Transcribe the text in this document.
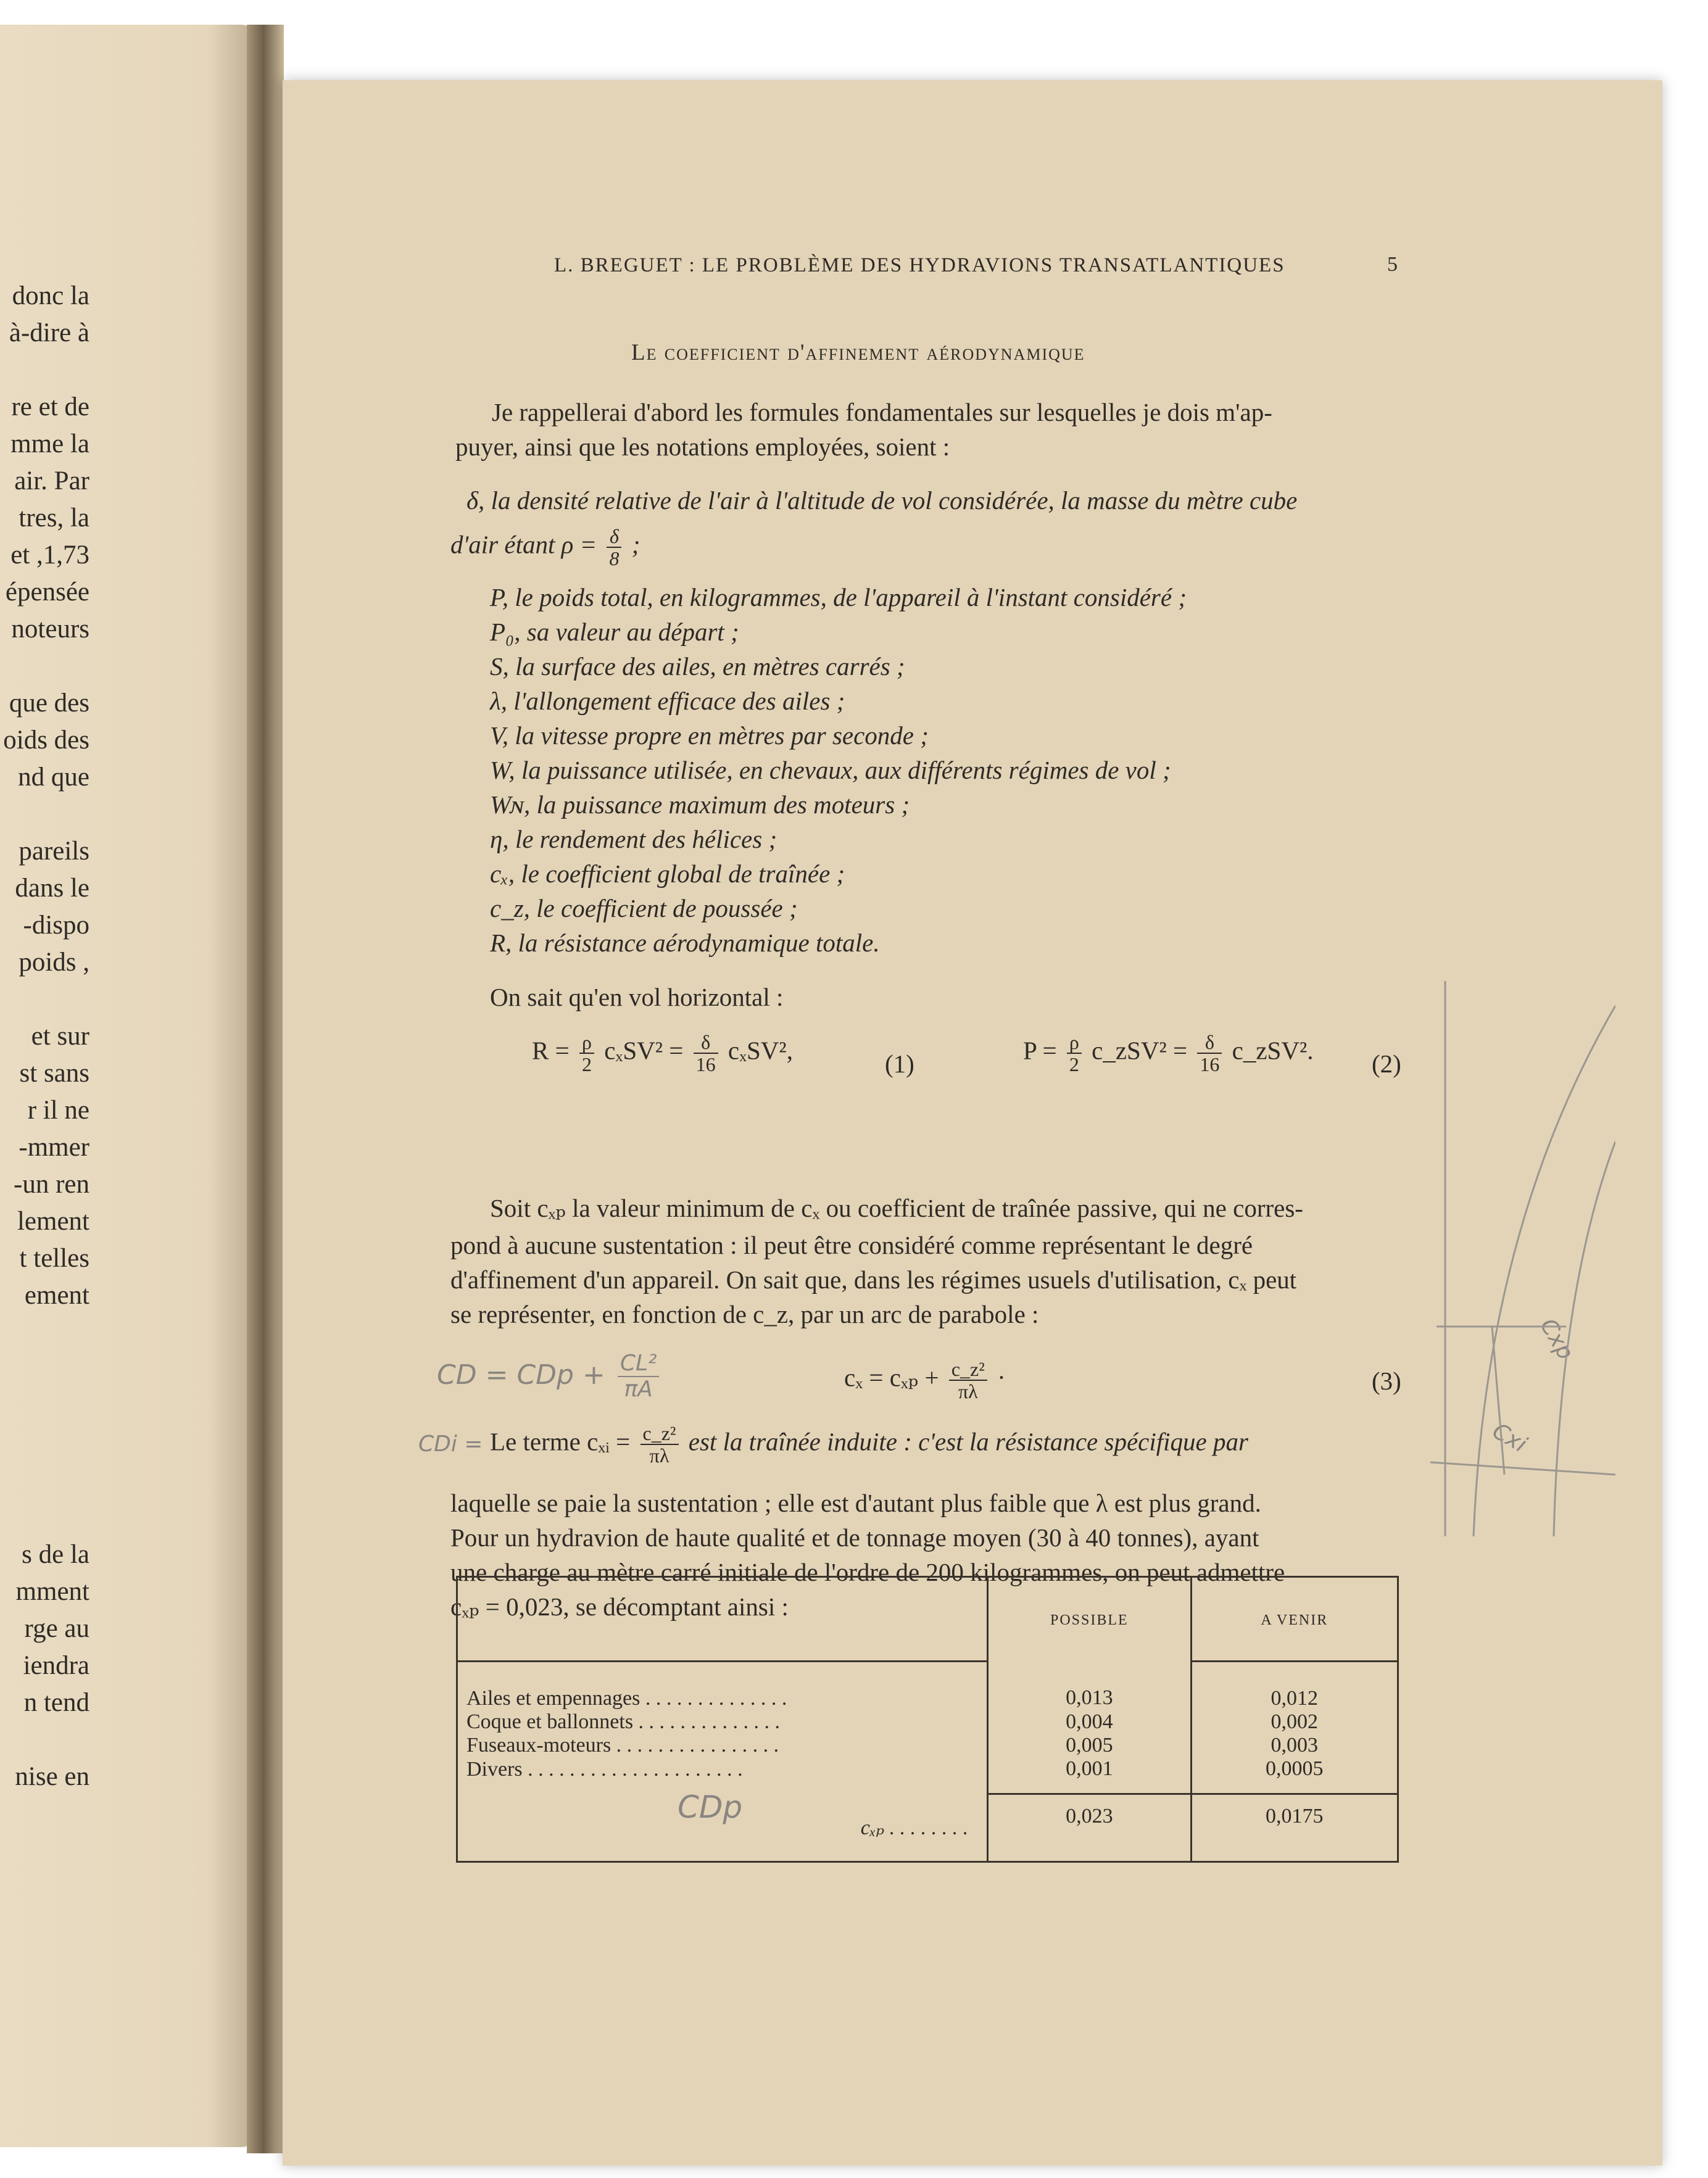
donc la
à-dire à
re et de
mme la
air. Par
tres, la
1,73, et
épensée
noteurs
que des
oids des
nd que
pareils
dans le
dispo-
, poids
et sur
st sans
r il ne
mmer-
un ren-
lement
t telles
ement
s de la
mment
rge au
iendra
n tend
nise en
L. BREGUET : LE PROBLÈME DES HYDRAVIONS TRANSATLANTIQUES	5
Le coefficient d'affinement aérodynamique
Je rappellerai d'abord les formules fondamentales sur lesquelles je dois m'ap-
puyer, ainsi que les notations employées, soient :
δ, la densité relative de l'air à l'altitude de vol considérée, la masse du mètre cube
d'air étant $\rho = \frac{\delta}{8}$ ;
P, le poids total, en kilogrammes, de l'appareil à l'instant considéré ;
P₀, sa valeur au départ ;
S, la surface des ailes, en mètres carrés ;
λ, l'allongement efficace des ailes ;
V, la vitesse propre en mètres par seconde ;
W, la puissance utilisée, en chevaux, aux différents régimes de vol ;
Wɴ, la puissance maximum des moteurs ;
η, le rendement des hélices ;
cₓ, le coefficient global de traînée ;
c_z, le coefficient de poussée ;
R, la résistance aérodynamique totale.
On sait qu'en vol horizontal :
$R = \frac{\rho}{2} c_xSV^2 = \frac{\delta}{16} c_xSV^2$,	(1)	$P = \frac{\rho}{2}$ c_zSV² = $\frac{\delta}{16}$ c_zSV². (2)
Soit cₓₚ la valeur minimum de cₓ ou coefficient de traînée passive, qui ne corres-
pond à aucune sustentation : il peut être considéré comme représentant le degré
d'affinement d'un appareil. On sait que, dans les régimes usuels d'utilisation, cₓ peut
se représenter, en fonction de c_z, par un arc de parabole :
$c_x = c_{xp} + \frac{\text{c\_z²}}{\pi\lambda}$ ·	(3)
Le terme cₓᵢ = $\frac{\text{c\_z²}}{\pi\lambda}$ est la traînée induite : c'est la résistance spécifique par
laquelle se paie la sustentation ; elle est d'autant plus faible que λ est plus grand.
Pour un hydravion de haute qualité et de tonnage moyen (30 à 40 tonnes), ayant
une charge au mètre carré initiale de l'ordre de 200 kilogrammes, on peut admettre
cₓₚ = 0,023, se décomptant ainsi :
CD = CDp + $\frac{\text{CL²}}{\pi A}$
CDi =
CDp
Cxp
Cxi
	POSSIBLE	A VENIR
Ailes et empennages . . . . . . . . . . . . . .	0,013	0,012
Coque et ballonnets . . . . . . . . . . . . . .	0,004	0,002
Fuseaux-moteurs . . . . . . . . . . . . . . . .	0,005	0,003
Divers . . . . . . . . . . . . . . . . . . . . .	0,001	0,0005
cₓₚ . . . . . . . .	0,023	0,0175
